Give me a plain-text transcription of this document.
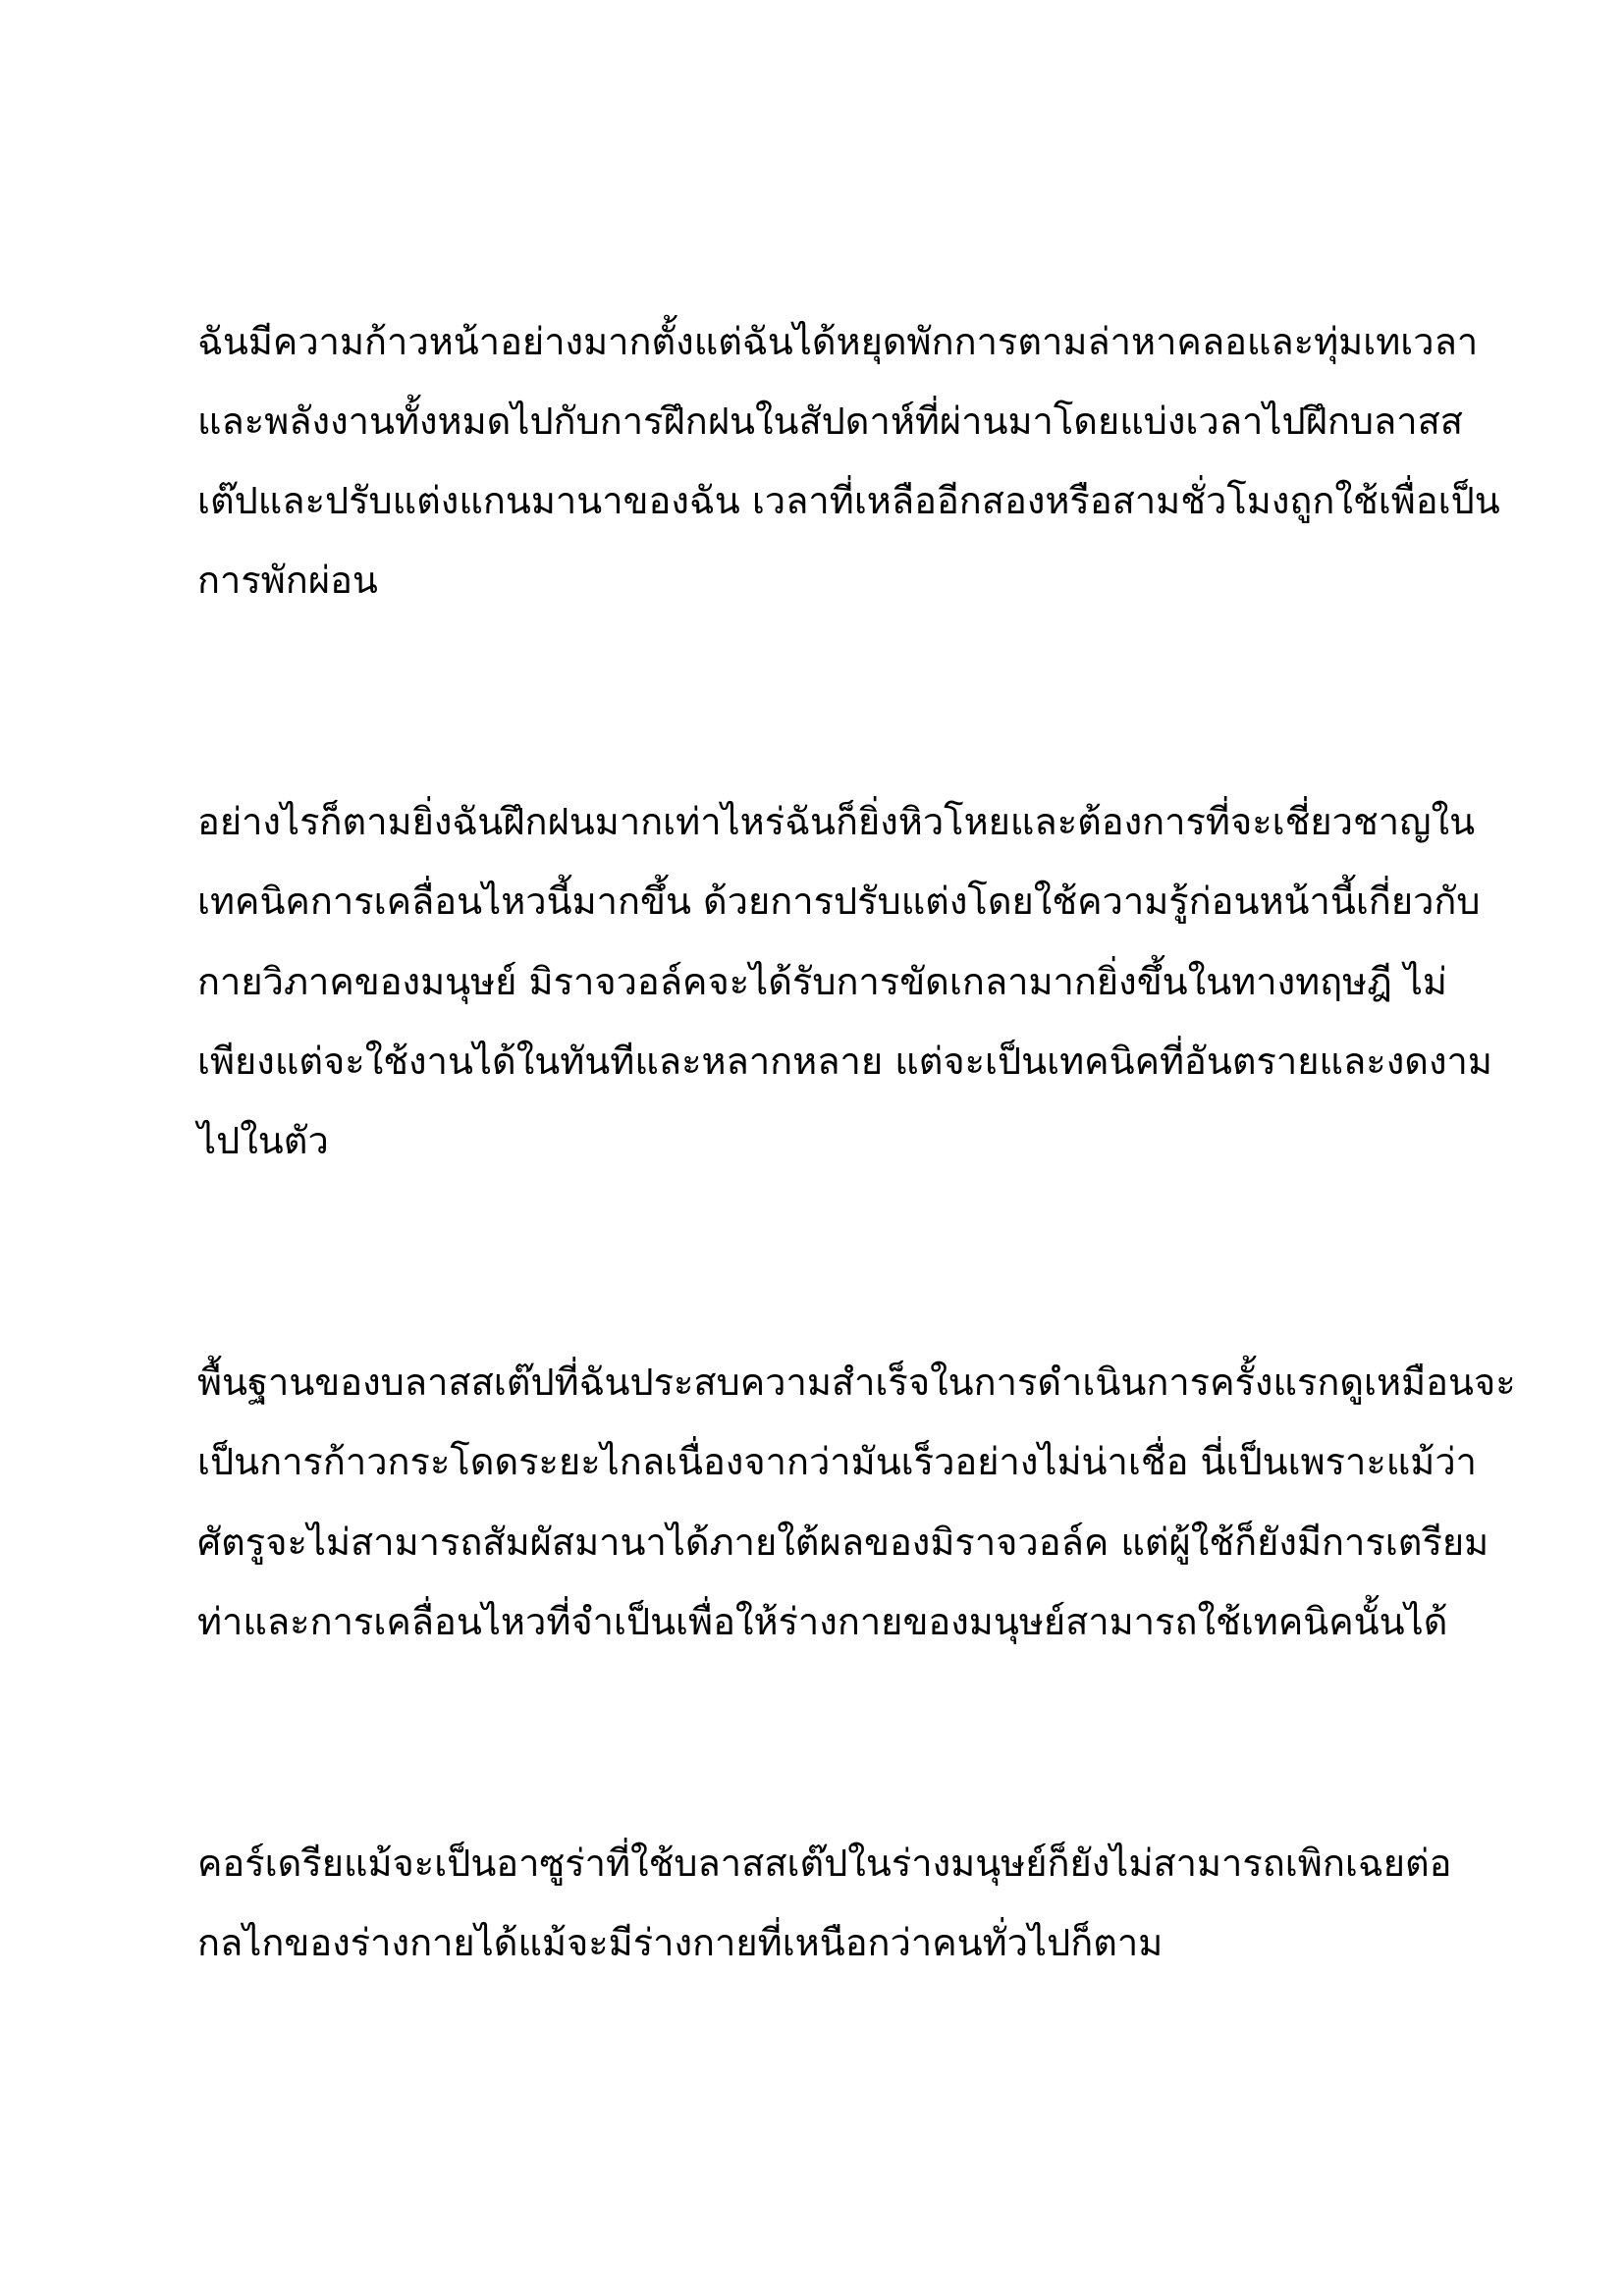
ฉันมีความก้าวหน้าอย่างมากตั้งแต่ฉันได้หยุดพักการตามล่าหาคลอและทุ่มเทเวลา

และพลังงานทั้งหมดไปกับการฝึกฝนในสัปดาห์ที่ผ่านมาโดยแบ่งเวลาไปฝึกบลาสส

เต๊ปและปรับแต่งแกนมานาของฉัน เวลาที่เหลืออีกสองหรือสามชั่วโมงถูกใช้เพื่อเป็น

การพักผ่อน

อย่างไรก็ตามยิ่งฉันฝึกฝนมากเท่าไหร่ฉันก็ยิ่งหิวโหยและต้องการที่จะเชี่ยวชาญใน

เทคนิคการเคลื่อนไหวนี้มากขึ้น ด้วยการปรับแต่งโดยใช้ความรู้ก่อนหน้านี้เกี่ยวกับ

กายวิภาคของมนุษย์ มิราจวอล์คจะได้รับการขัดเกลามากยิ่งขึ้นในทางทฤษฎี ไม่

เพียงแต่จะใช้งานได้ในทันทีและหลากหลาย แต่จะเป็นเทคนิคที่อันตรายและงดงาม

ไปในตัว

พื้นฐานของบลาสสเต๊ปที่ฉันประสบความสำเร็จในการดำเนินการครั้งแรกดูเหมือนจะ

เป็นการก้าวกระโดดระยะไกลเนื่องจากว่ามันเร็วอย่างไม่น่าเชื่อ นี่เป็นเพราะแม้ว่า

ศัตรูจะไม่สามารถสัมผัสมานาได้ภายใต้ผลของมิราจวอล์ค แต่ผู้ใช้ก็ยังมีการเตรียม

ท่าและการเคลื่อนไหวที่จำเป็นเพื่อให้ร่างกายของมนุษย์สามารถใช้เทคนิคนั้นได้

คอร์เดรียแม้จะเป็นอาซูร่าที่ใช้บลาสสเต๊ปในร่างมนุษย์ก็ยังไม่สามารถเพิกเฉยต่อ

กลไกของร่างกายได้แม้จะมีร่างกายที่เหนือกว่าคนทั่วไปก็ตาม
